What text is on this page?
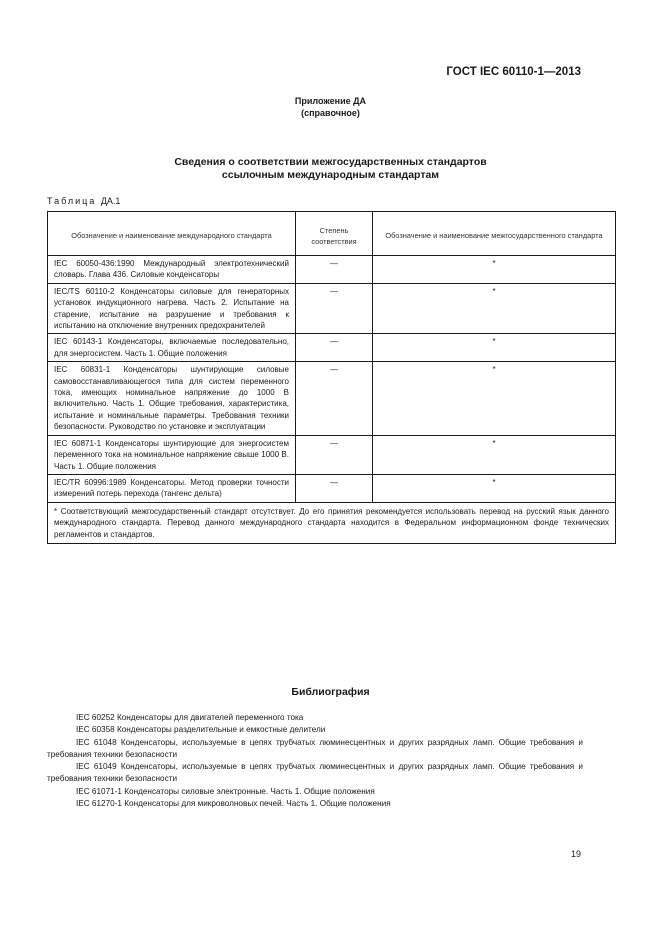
ГОСТ IEC 60110-1—2013
Приложение ДА
(справочное)
Сведения о соответствии межгосударственных стандартов
ссылочным международным стандартам
Таблица ДА.1
Обозначение и наименование международного стандарта	Степень соответствия	Обозначение и наименование межгосударственного стандарта
IEC 60050-436:1990 Международный электротехнический словарь. Глава 436. Силовые конденсаторы	—	*
IEC/TS 60110-2 Конденсаторы силовые для генераторных установок индукционного нагрева. Часть 2. Испытание на старение, испытание на разрушение и требования к испытанию на отключение внутренних предохранителей	—	*
IEC 60143-1 Конденсаторы, включаемые последовательно, для энергосистем. Часть 1. Общие положения	—	*
IEC 60831-1 Конденсаторы шунтирующие силовые самовосстанавливающегося типа для систем переменного тока, имеющих номинальное напряжение до 1000 В включительно. Часть 1. Общие требования, характеристика, испытание и номинальные параметры. Требования техники безопасности. Руководство по установке и эксплуатации	—	*
IEC 60871-1 Конденсаторы шунтирующие для энергосистем переменного тока на номинальное напряжение свыше 1000 В. Часть 1. Общие положения	—	*
IEC/TR 60996:1989 Конденсаторы. Метод проверки точности измерений потерь перехода (тангенс дельта)	—	*
* Соответствующий межгосударственный стандарт отсутствует. До его принятия рекомендуется использовать перевод на русский язык данного международного стандарта. Перевод данного международного стандарта находится в Федеральном информационном фонде технических регламентов и стандартов.		
Библиография
IEC 60252 Конденсаторы для двигателей переменного тока
IEC 60358 Конденсаторы разделительные и емкостные делители
IEC 61048 Конденсаторы, используемые в цепях трубчатых люминесцентных и других разрядных ламп. Общие требования и требования техники безопасности
IEC 61049 Конденсаторы, используемые в цепях трубчатых люминесцентных и других разрядных ламп. Общие требования и требования техники безопасности
IEC 61071-1 Конденсаторы силовые электронные. Часть 1. Общие положения
IEC 61270-1 Конденсаторы для микроволновых печей. Часть 1. Общие положения
19
